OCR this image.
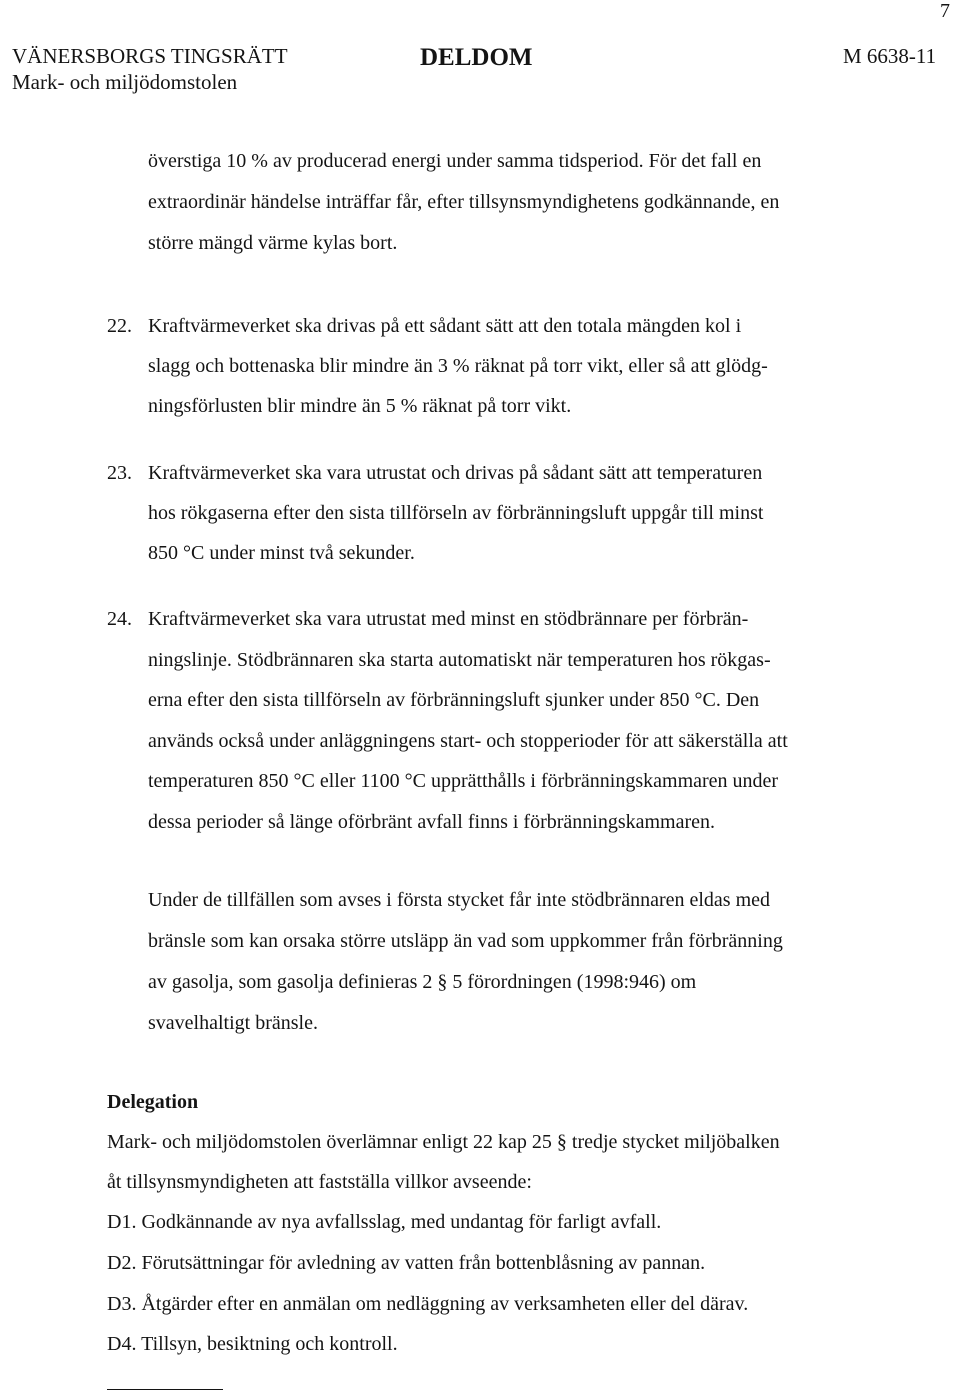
7
VÄNERSBORGS TINGSRÄTT
Mark- och miljödomstolen
DELDOM	M 6638-11
överstiga 10 % av producerad energi under samma tidsperiod. För det fall en
extraordinär händelse inträffar får, efter tillsynsmyndighetens godkännande, en
större mängd värme kylas bort.
22. Kraftvärmeverket ska drivas på ett sådant sätt att den totala mängden kol i
slagg och bottenaska blir mindre än 3 % räknat på torr vikt, eller så att glödg-
ningsförlusten blir mindre än 5 % räknat på torr vikt.
23. Kraftvärmeverket ska vara utrustat och drivas på sådant sätt att temperaturen
hos rökgaserna efter den sista tillförseln av förbränningsluft uppgår till minst
850 °C under minst två sekunder.
24. Kraftvärmeverket ska vara utrustat med minst en stödbrännare per förbrän-
ningslinje. Stödbrännaren ska starta automatiskt när temperaturen hos rökgas-
erna efter den sista tillförseln av förbränningsluft sjunker under 850 °C. Den
används också under anläggningens start- och stopperioder för att säkerställa att
temperaturen 850 °C eller 1100 °C upprätthålls i förbränningskammaren under
dessa perioder så länge oförbränt avfall finns i förbränningskammaren.
Under de tillfällen som avses i första stycket får inte stödbrännaren eldas med
bränsle som kan orsaka större utsläpp än vad som uppkommer från förbränning
av gasolja, som gasolja definieras 2 § 5 förordningen (1998:946) om
svavelhaltigt bränsle.
Delegation
Mark- och miljödomstolen överlämnar enligt 22 kap 25 § tredje stycket miljöbalken
åt tillsynsmyndigheten att fastställa villkor avseende:
D1. Godkännande av nya avfallsslag, med undantag för farligt avfall.
D2. Förutsättningar för avledning av vatten från bottenblåsning av pannan.
D3. Åtgärder efter en anmälan om nedläggning av verksamheten eller del därav.
D4. Tillsyn, besiktning och kontroll.
